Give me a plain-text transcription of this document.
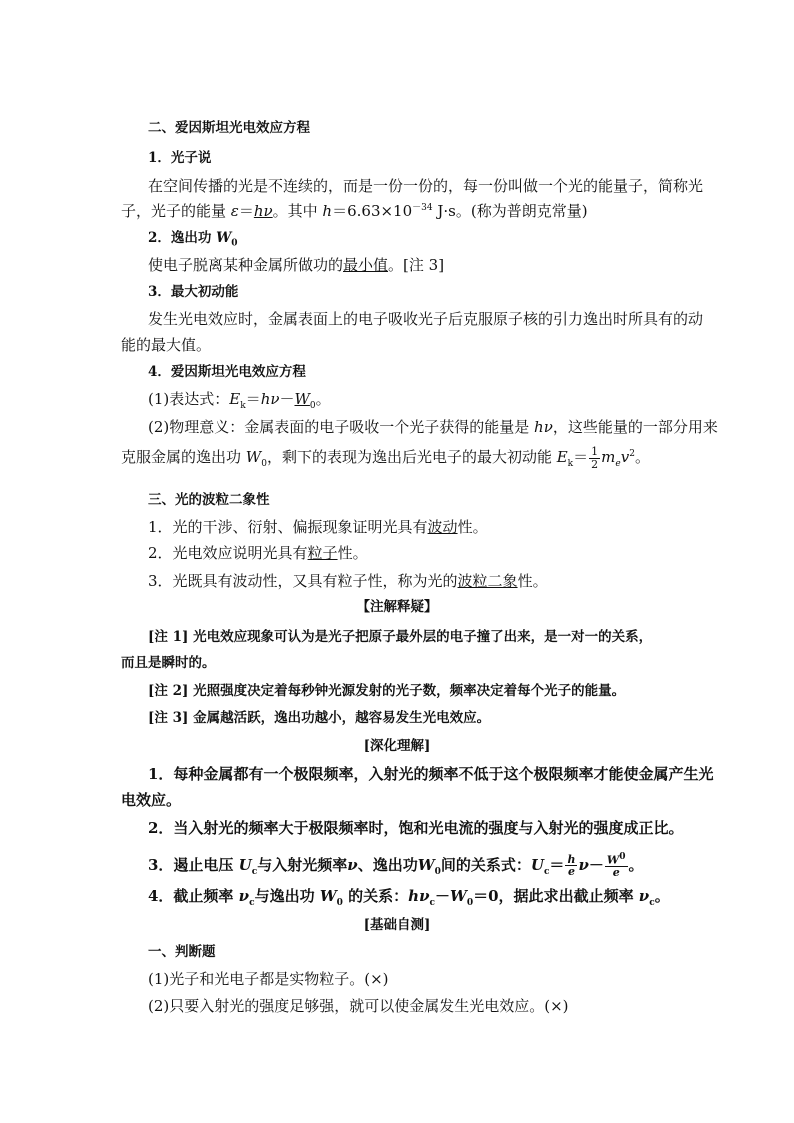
二、爱因斯坦光电效应方程
1．光子说
在空间传播的光是不连续的，而是一份一份的，每一份叫做一个光的能量子，简称光
子，光子的能量 ε＝hν。其中 $h=6.63\times 10^{-34}$ J·s。(称为普朗克常量)
2．逸出功 $W_0$
使电子脱离某种金属所做功的最小值。[注 3]
3．最大初动能
发生光电效应时，金属表面上的电子吸收光子后克服原子核的引力逸出时所具有的动
能的最大值。
4．爱因斯坦光电效应方程
(1)表达式：$E_k=h\nu-W_0$。
(2)物理意义：金属表面的电子吸收一个光子获得的能量是 hν，这些能量的一部分用来
克服金属的逸出功 $W_0$，剩下的表现为逸出后光电子的最大初动能 $E_k= \frac{1}{2} m_ev^2$。
三、光的波粒二象性
1．光的干涉、衍射、偏振现象证明光具有波动性。
2．光电效应说明光具有粒子性。
3．光既具有波动性，又具有粒子性，称为光的波粒二象性。
【注解释疑】
[注 1] 光电效应现象可认为是光子把原子最外层的电子撞了出来，是一对一的关系，
而且是瞬时的。
[注 2] 光照强度决定着每秒钟光源发射的光子数，频率决定着每个光子的能量。
[注 3] 金属越活跃，逸出功越小，越容易发生光电效应。
[深化理解]
1．每种金属都有一个极限频率，入射光的频率不低于这个极限频率才能使金属产生光
电效应。
2．当入射光的频率大于极限频率时，饱和光电流的强度与入射光的强度成正比。
3．遏止电压 $U_c$与入射光频率ν、逸出功$W_0$间的关系式：$U_c= \frac{h}{e} \nu- \frac{W^0}{e}$ 。
4．截止频率 $\nu_c$与逸出功 $W_0$ 的关系：$h\nu_c-W_0=0$，据此求出截止频率 $\nu_c$。
[基础自测]
一、判断题
(1)光子和光电子都是实物粒子。(×)
(2)只要入射光的强度足够强，就可以使金属发生光电效应。(×)
